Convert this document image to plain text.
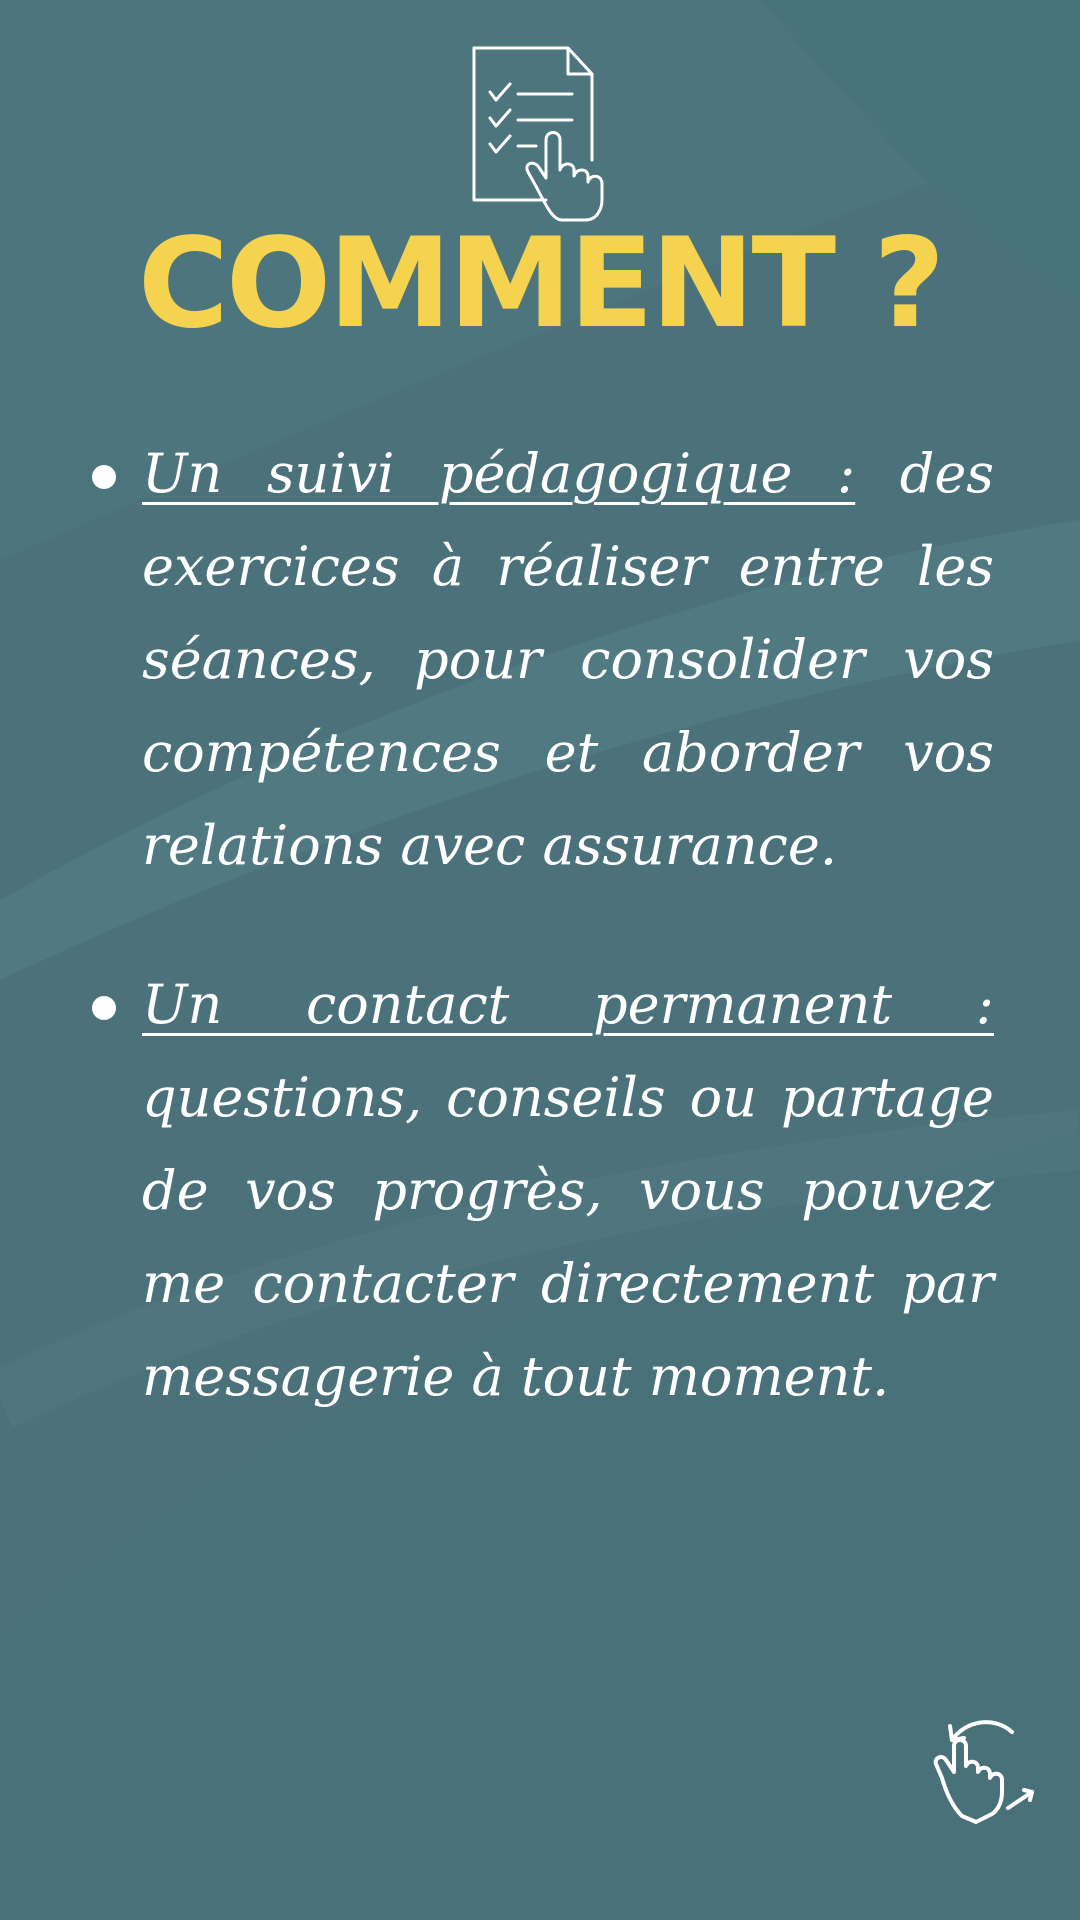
COMMENT ?
Un suivi pédagogique : des exercices à réaliser entre les séances, pour consolider vos compétences et aborder vos relations avec assurance.
Un contact permanent : questions, conseils ou partage de vos progrès, vous pouvez me contacter directement par messagerie à tout moment.
